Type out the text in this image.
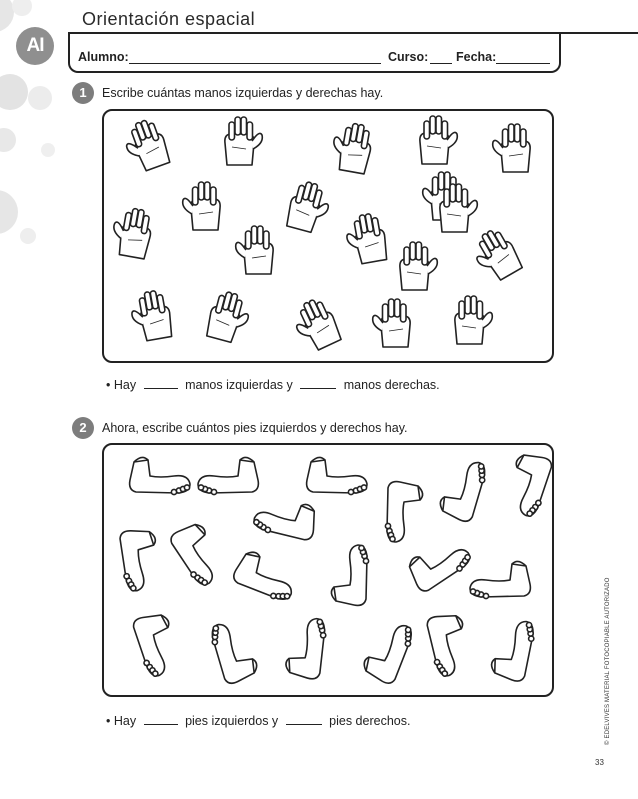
AI
Orientación espacial
Alumno:	Curso: Fecha:
1	Escribe cuántas manos izquierdas y derechas hay.
• Hay	manos izquierdas y	manos derechas.
2	Ahora, escribe cuántos pies izquierdos y derechos hay.
• Hay	pies izquierdos y	pies derechos.	© EDELVIVES MATERIAL FOTOCOPIABLE AUTORIZADO
33
